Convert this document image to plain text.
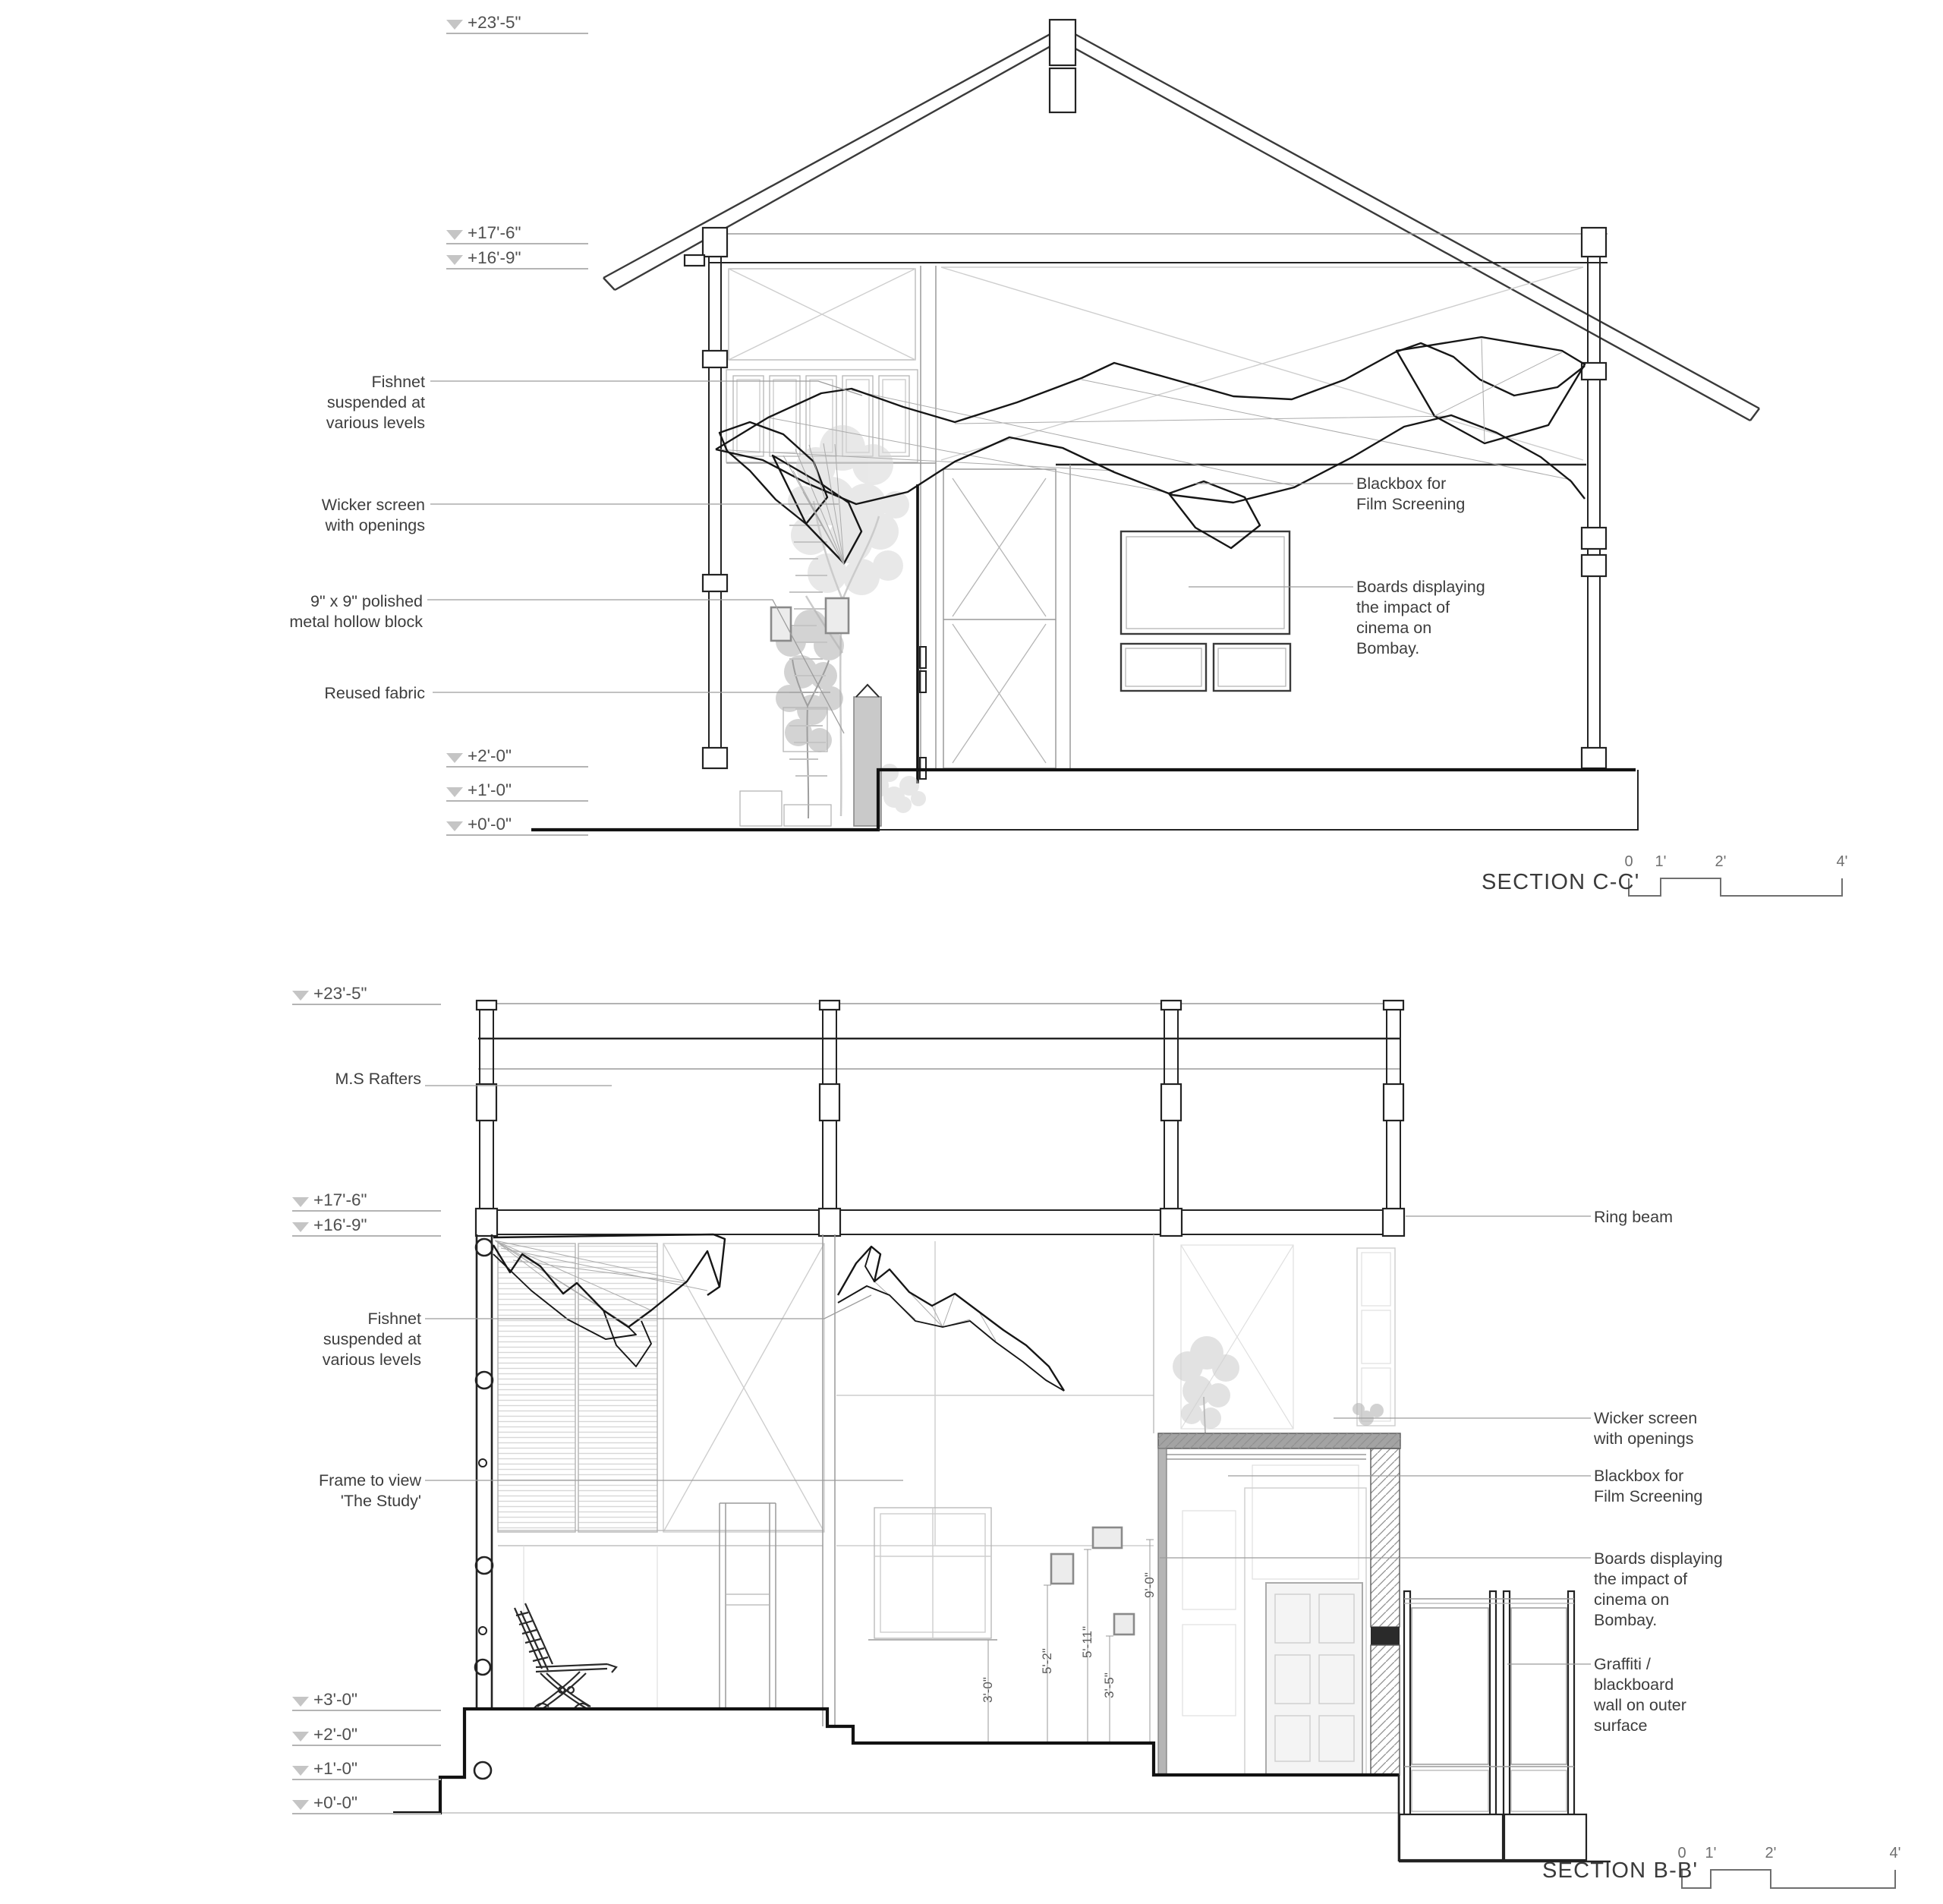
+23'-5"
+17'-6"
+16'-9"
+2'-0"
+1'-0"
+0'-0"
Fishnet
suspended at
various levels
Wicker screen
with openings
9" x 9" polished
metal hollow block
Reused fabric
Blackbox for
Film Screening
Boards displaying
the impact of
cinema on
Bombay.
SECTION C-C'
0	1'	2'	4'
+23'-5"
+17'-6"
+16'-9"
+3'-0"
+2'-0"
+1'-0"
+0'-0"
M.S Rafters
Fishnet
suspended at
various levels
Frame to view
'The Study'
Ring beam
Wicker screen
with openings
Blackbox for
Film Screening
Boards displaying
the impact of
cinema on
Bombay.
Graffiti /
blackboard
wall on outer
surface
3'-0"
5'-2"
5'-11"
3'-5"
9'-0"
SECTION B-B'
0	1'	2'	4'
